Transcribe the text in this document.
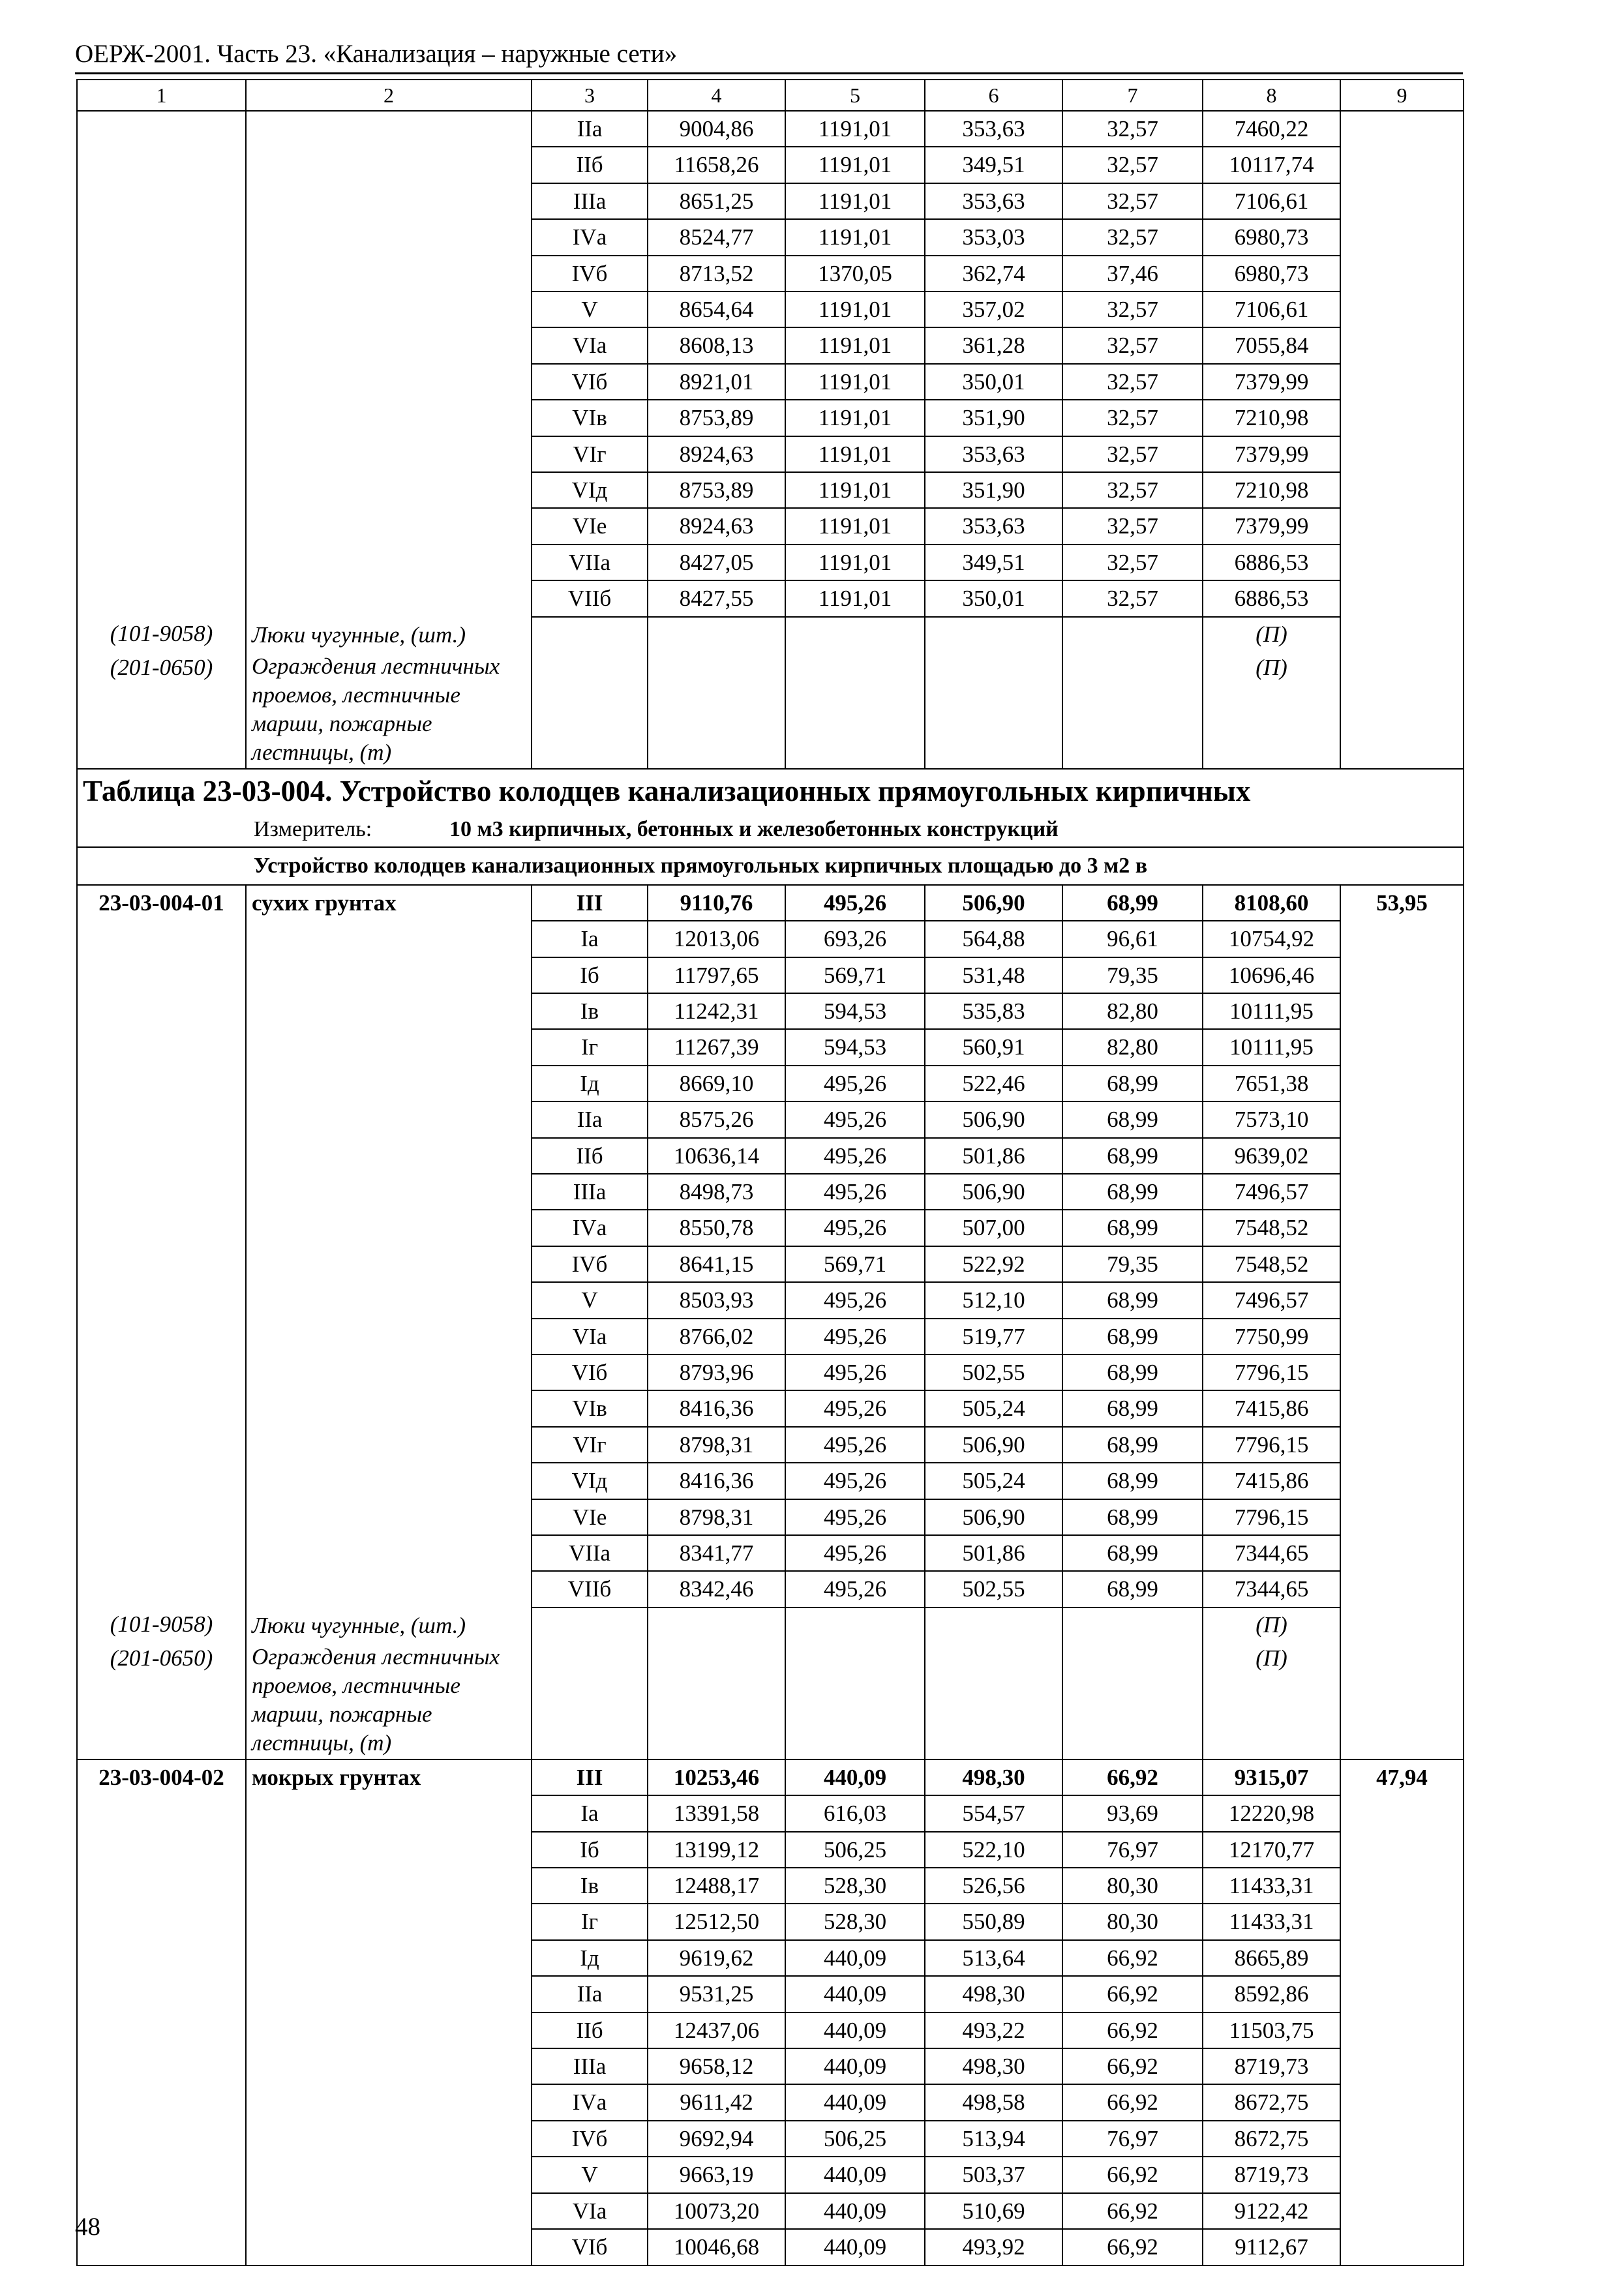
ОЕРЖ-2001. Часть 23. «Канализация – наружные сети»
1	2	3	4	5	6	7	8	9
		IIа	9004,86	1191,01	353,63	32,57	7460,22	
		IIб	11658,26	1191,01	349,51	32,57	10117,74	
		IIIа	8651,25	1191,01	353,63	32,57	7106,61	
		IVа	8524,77	1191,01	353,03	32,57	6980,73	
		IVб	8713,52	1370,05	362,74	37,46	6980,73	
		V	8654,64	1191,01	357,02	32,57	7106,61	
		VIа	8608,13	1191,01	361,28	32,57	7055,84	
		VIб	8921,01	1191,01	350,01	32,57	7379,99	
		VIв	8753,89	1191,01	351,90	32,57	7210,98	
		VIг	8924,63	1191,01	353,63	32,57	7379,99	
		VIд	8753,89	1191,01	351,90	32,57	7210,98	
		VIе	8924,63	1191,01	353,63	32,57	7379,99	
		VIIа	8427,05	1191,01	349,51	32,57	6886,53	
		VIIб	8427,55	1191,01	350,01	32,57	6886,53	
(101-9058)	Люки чугунные, (шт.)						(П)	
(201-0650)	Ограждения лестничных проемов, лестничные марши, пожарные лестницы, (т)						(П)	
Таблица 23-03-004. Устройство колодцев канализационных прямоугольных кирпичных								
Измеритель: 10 м3 кирпичных, бетонных и железобетонных конструкций								
Устройство колодцев канализационных прямоугольных кирпичных площадью до 3 м2 в								
23-03-004-01	сухих грунтах	III	9110,76	495,26	506,90	68,99	8108,60	53,95
		Iа	12013,06	693,26	564,88	96,61	10754,92	
		Iб	11797,65	569,71	531,48	79,35	10696,46	
		Iв	11242,31	594,53	535,83	82,80	10111,95	
		Iг	11267,39	594,53	560,91	82,80	10111,95	
		Iд	8669,10	495,26	522,46	68,99	7651,38	
		IIа	8575,26	495,26	506,90	68,99	7573,10	
		IIб	10636,14	495,26	501,86	68,99	9639,02	
		IIIа	8498,73	495,26	506,90	68,99	7496,57	
		IVа	8550,78	495,26	507,00	68,99	7548,52	
		IVб	8641,15	569,71	522,92	79,35	7548,52	
		V	8503,93	495,26	512,10	68,99	7496,57	
		VIа	8766,02	495,26	519,77	68,99	7750,99	
		VIб	8793,96	495,26	502,55	68,99	7796,15	
		VIв	8416,36	495,26	505,24	68,99	7415,86	
		VIг	8798,31	495,26	506,90	68,99	7796,15	
		VIд	8416,36	495,26	505,24	68,99	7415,86	
		VIе	8798,31	495,26	506,90	68,99	7796,15	
		VIIа	8341,77	495,26	501,86	68,99	7344,65	
		VIIб	8342,46	495,26	502,55	68,99	7344,65	
(101-9058)	Люки чугунные, (шт.)						(П)	
(201-0650)	Ограждения лестничных проемов, лестничные марши, пожарные лестницы, (т)						(П)	
23-03-004-02	мокрых грунтах	III	10253,46	440,09	498,30	66,92	9315,07	47,94
		Iа	13391,58	616,03	554,57	93,69	12220,98	
		Iб	13199,12	506,25	522,10	76,97	12170,77	
		Iв	12488,17	528,30	526,56	80,30	11433,31	
		Iг	12512,50	528,30	550,89	80,30	11433,31	
		Iд	9619,62	440,09	513,64	66,92	8665,89	
		IIа	9531,25	440,09	498,30	66,92	8592,86	
		IIб	12437,06	440,09	493,22	66,92	11503,75	
		IIIа	9658,12	440,09	498,30	66,92	8719,73	
		IVа	9611,42	440,09	498,58	66,92	8672,75	
		IVб	9692,94	506,25	513,94	76,97	8672,75	
		V	9663,19	440,09	503,37	66,92	8719,73	
		VIа	10073,20	440,09	510,69	66,92	9122,42	
		VIб	10046,68	440,09	493,92	66,92	9112,67	
48
